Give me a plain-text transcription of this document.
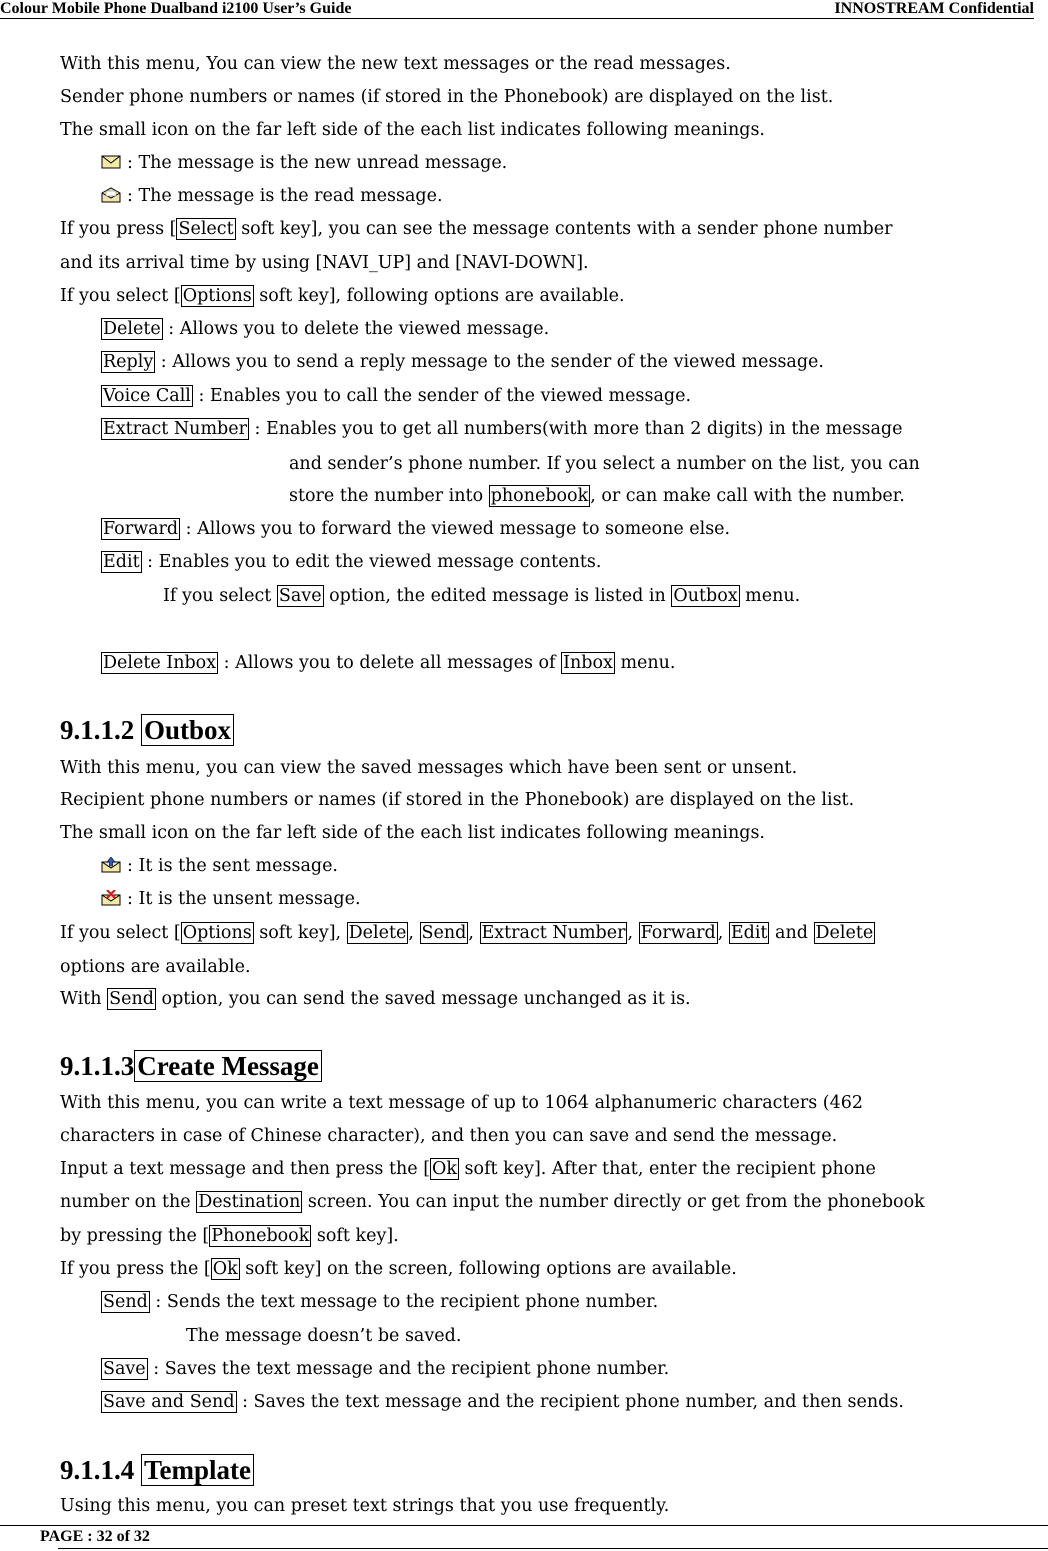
Colour Mobile Phone Dualband i2100 User’s Guide	INNOSTREAM Confidential
With this menu, You can view the new text messages or the read messages.
Sender phone numbers or names (if stored in the Phonebook) are displayed on the list.
The small icon on the far left side of the each list indicates following meanings.
: The message is the new unread message.
: The message is the read message.
If you press [ Select soft key], you can see the message contents with a sender phone number
and its arrival time by using [NAVI_UP] and [NAVI-DOWN].
If you select [ Options soft key], following options are available.
Delete : Allows you to delete the viewed message.
Reply : Allows you to send a reply message to the sender of the viewed message.
Voice Call : Enables you to call the sender of the viewed message.
Extract Number : Enables you to get all numbers(with more than 2 digits) in the message
and sender’s phone number. If you select a number on the list, you can
store the number into phonebook , or can make call with the number.
Forward : Allows you to forward the viewed message to someone else.
Edit : Enables you to edit the viewed message contents.
If you select Save option, the edited message is listed in Outbox menu.
Delete Inbox : Allows you to delete all messages of Inbox menu.
9.1.1.2 Outbox
With this menu, you can view the saved messages which have been sent or unsent.
Recipient phone numbers or names (if stored in the Phonebook) are displayed on the list.
The small icon on the far left side of the each list indicates following meanings.
: It is the sent message.
: It is the unsent message.
If you select [ Options soft key], Delete , Send , Extract Number , Forward , Edit and Delete
options are available.
With Send option, you can send the saved message unchanged as it is.
9.1.1.3 Create Message
With this menu, you can write a text message of up to 1064 alphanumeric characters (462
characters in case of Chinese character), and then you can save and send the message.
Input a text message and then press the [ Ok soft key]. After that, enter the recipient phone
number on the Destination screen. You can input the number directly or get from the phonebook
by pressing the [ Phonebook soft key].
If you press the [ Ok soft key] on the screen, following options are available.
Send : Sends the text message to the recipient phone number.
The message doesn’t be saved.
Save : Saves the text message and the recipient phone number.
Save and Send : Saves the text message and the recipient phone number, and then sends.
9.1.1.4 Template
Using this menu, you can preset text strings that you use frequently.
PAGE : 32 of 32
